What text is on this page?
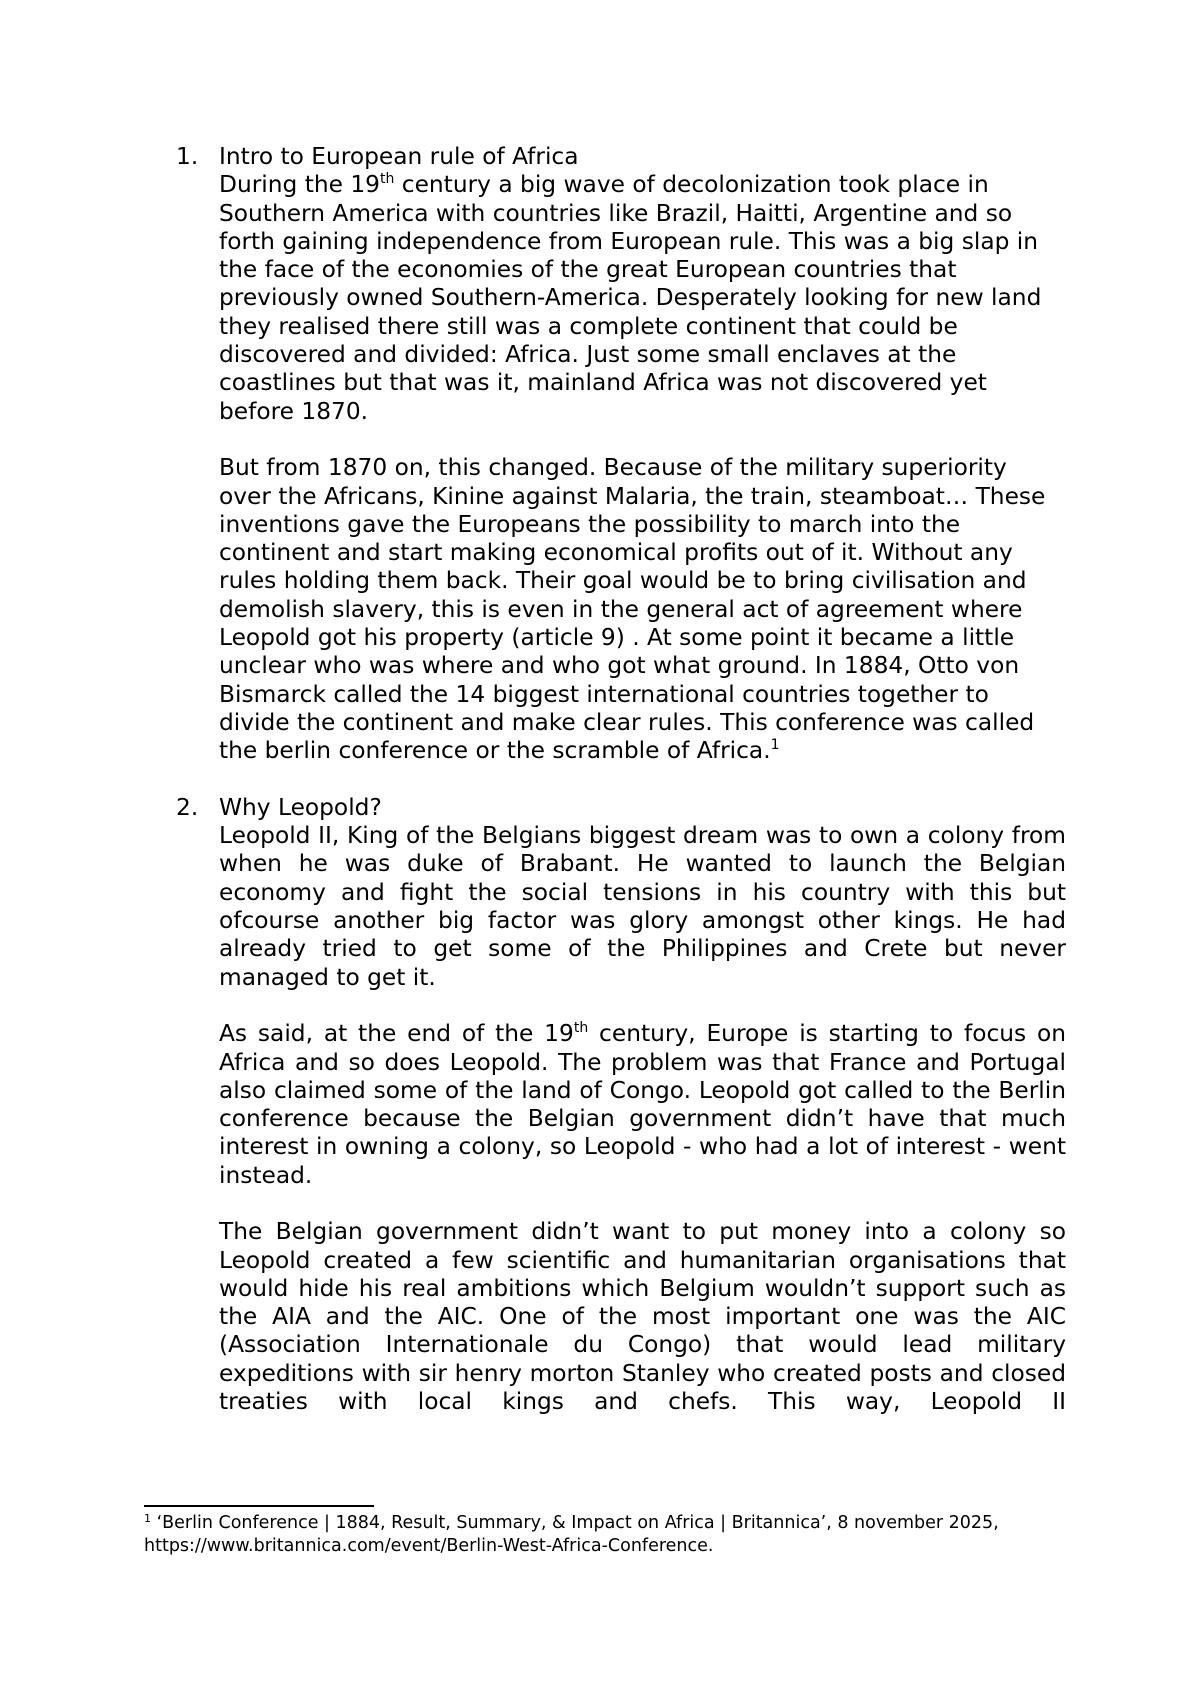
1. Intro to European rule of Africa

During the 19th century a big wave of decolonization took place in Southern America with countries like Brazil, Haitti, Argentine and so forth gaining independence from European rule. This was a big slap in the face of the economies of the great European countries that previously owned Southern-America. Desperately looking for new land they realised there still was a complete continent that could be discovered and divided: Africa. Just some small enclaves at the coastlines but that was it, mainland Africa was not discovered yet before 1870.

But from 1870 on, this changed. Because of the military superiority over the Africans, Kinine against Malaria, the train, steamboat… These inventions gave the Europeans the possibility to march into the continent and start making economical profits out of it. Without any rules holding them back. Their goal would be to bring civilisation and demolish slavery, this is even in the general act of agreement where Leopold got his property (article 9) . At some point it became a little unclear who was where and who got what ground. In 1884, Otto von Bismarck called the 14 biggest international countries together to divide the continent and make clear rules. This conference was called the berlin conference or the scramble of Africa.$^1$

2. Why Leopold?

Leopold II, King of the Belgians biggest dream was to own a colony from when he was duke of Brabant. He wanted to launch the Belgian economy and fight the social tensions in his country with this but ofcourse another big factor was glory amongst other kings. He had already tried to get some of the Philippines and Crete but never managed to get it.

As said, at the end of the 19th century, Europe is starting to focus on Africa and so does Leopold. The problem was that France and Portugal also claimed some of the land of Congo. Leopold got called to the Berlin conference because the Belgian government didn’t have that much interest in owning a colony, so Leopold - who had a lot of interest - went instead.

The Belgian government didn’t want to put money into a colony so Leopold created a few scientific and humanitarian organisations that would hide his real ambitions which Belgium wouldn’t support such as the AIA and the AIC. One of the most important one was the AIC (Association Internationale du Congo) that would lead military expeditions with sir henry morton Stanley who created posts and closed treaties with local kings and chefs. This way, Leopold II

$^1$ ‘Berlin Conference | 1884, Result, Summary, & Impact on Africa | Britannica’, 8 november 2025, https://www.britannica.com/event/Berlin-West-Africa-Conference.
